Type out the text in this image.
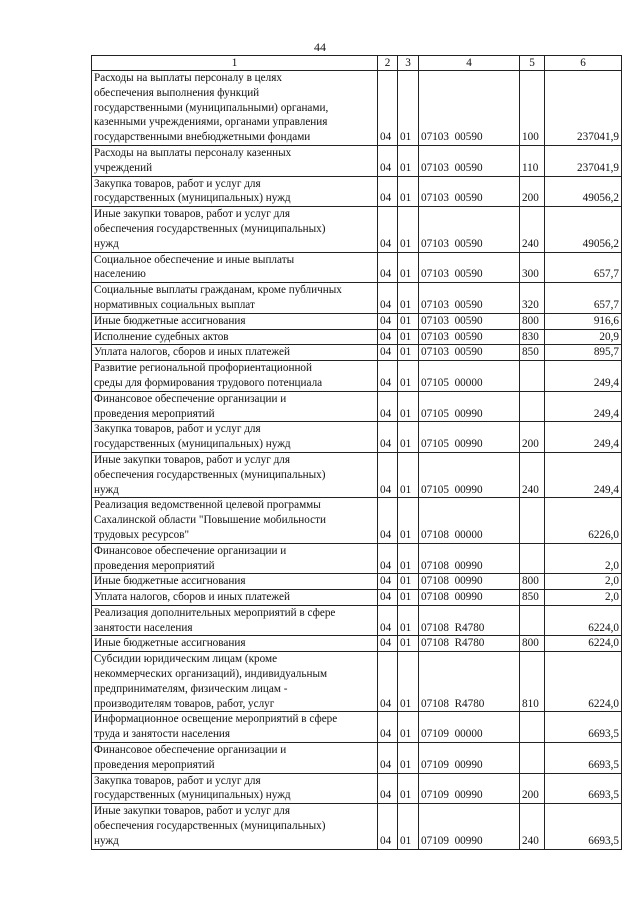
44
1	2	3	4	5	6
Расходы на выплаты персоналу в целях
обеспечения выполнения функций
государственными (муниципальными) органами,
казенными учреждениями, органами управления
государственными внебюджетными фондами	04	01	07103  00590	100	237041,9
Расходы на выплаты персоналу казенных
учреждений	04	01	07103  00590	110	237041,9
Закупка товаров, работ и услуг для
государственных (муниципальных) нужд	04	01	07103  00590	200	49056,2
Иные закупки товаров, работ и услуг для
обеспечения государственных (муниципальных)
нужд	04	01	07103  00590	240	49056,2
Социальное обеспечение и иные выплаты
населению	04	01	07103  00590	300	657,7
Социальные выплаты гражданам, кроме публичных
нормативных социальных выплат	04	01	07103  00590	320	657,7
Иные бюджетные ассигнования	04	01	07103  00590	800	916,6
Исполнение судебных актов	04	01	07103  00590	830	20,9
Уплата налогов, сборов и иных платежей	04	01	07103  00590	850	895,7
Развитие региональной профориентационной
среды для формирования трудового потенциала	04	01	07105  00000		249,4
Финансовое обеспечение организации и
проведения мероприятий	04	01	07105  00990		249,4
Закупка товаров, работ и услуг для
государственных (муниципальных) нужд	04	01	07105  00990	200	249,4
Иные закупки товаров, работ и услуг для
обеспечения государственных (муниципальных)
нужд	04	01	07105  00990	240	249,4
Реализация ведомственной целевой программы
Сахалинской области "Повышение мобильности
трудовых ресурсов"	04	01	07108  00000		6226,0
Финансовое обеспечение организации и
проведения мероприятий	04	01	07108  00990		2,0
Иные бюджетные ассигнования	04	01	07108  00990	800	2,0
Уплата налогов, сборов и иных платежей	04	01	07108  00990	850	2,0
Реализация дополнительных мероприятий в сфере
занятости населения	04	01	07108  R4780		6224,0
Иные бюджетные ассигнования	04	01	07108  R4780	800	6224,0
Субсидии юридическим лицам (кроме
некоммерческих организаций), индивидуальным
предпринимателям, физическим лицам -
производителям товаров, работ, услуг	04	01	07108  R4780	810	6224,0
Информационное освещение мероприятий в сфере
труда и занятости населения	04	01	07109  00000		6693,5
Финансовое обеспечение организации и
проведения мероприятий	04	01	07109  00990		6693,5
Закупка товаров, работ и услуг для
государственных (муниципальных) нужд	04	01	07109  00990	200	6693,5
Иные закупки товаров, работ и услуг для
обеспечения государственных (муниципальных)
нужд	04	01	07109  00990	240	6693,5
